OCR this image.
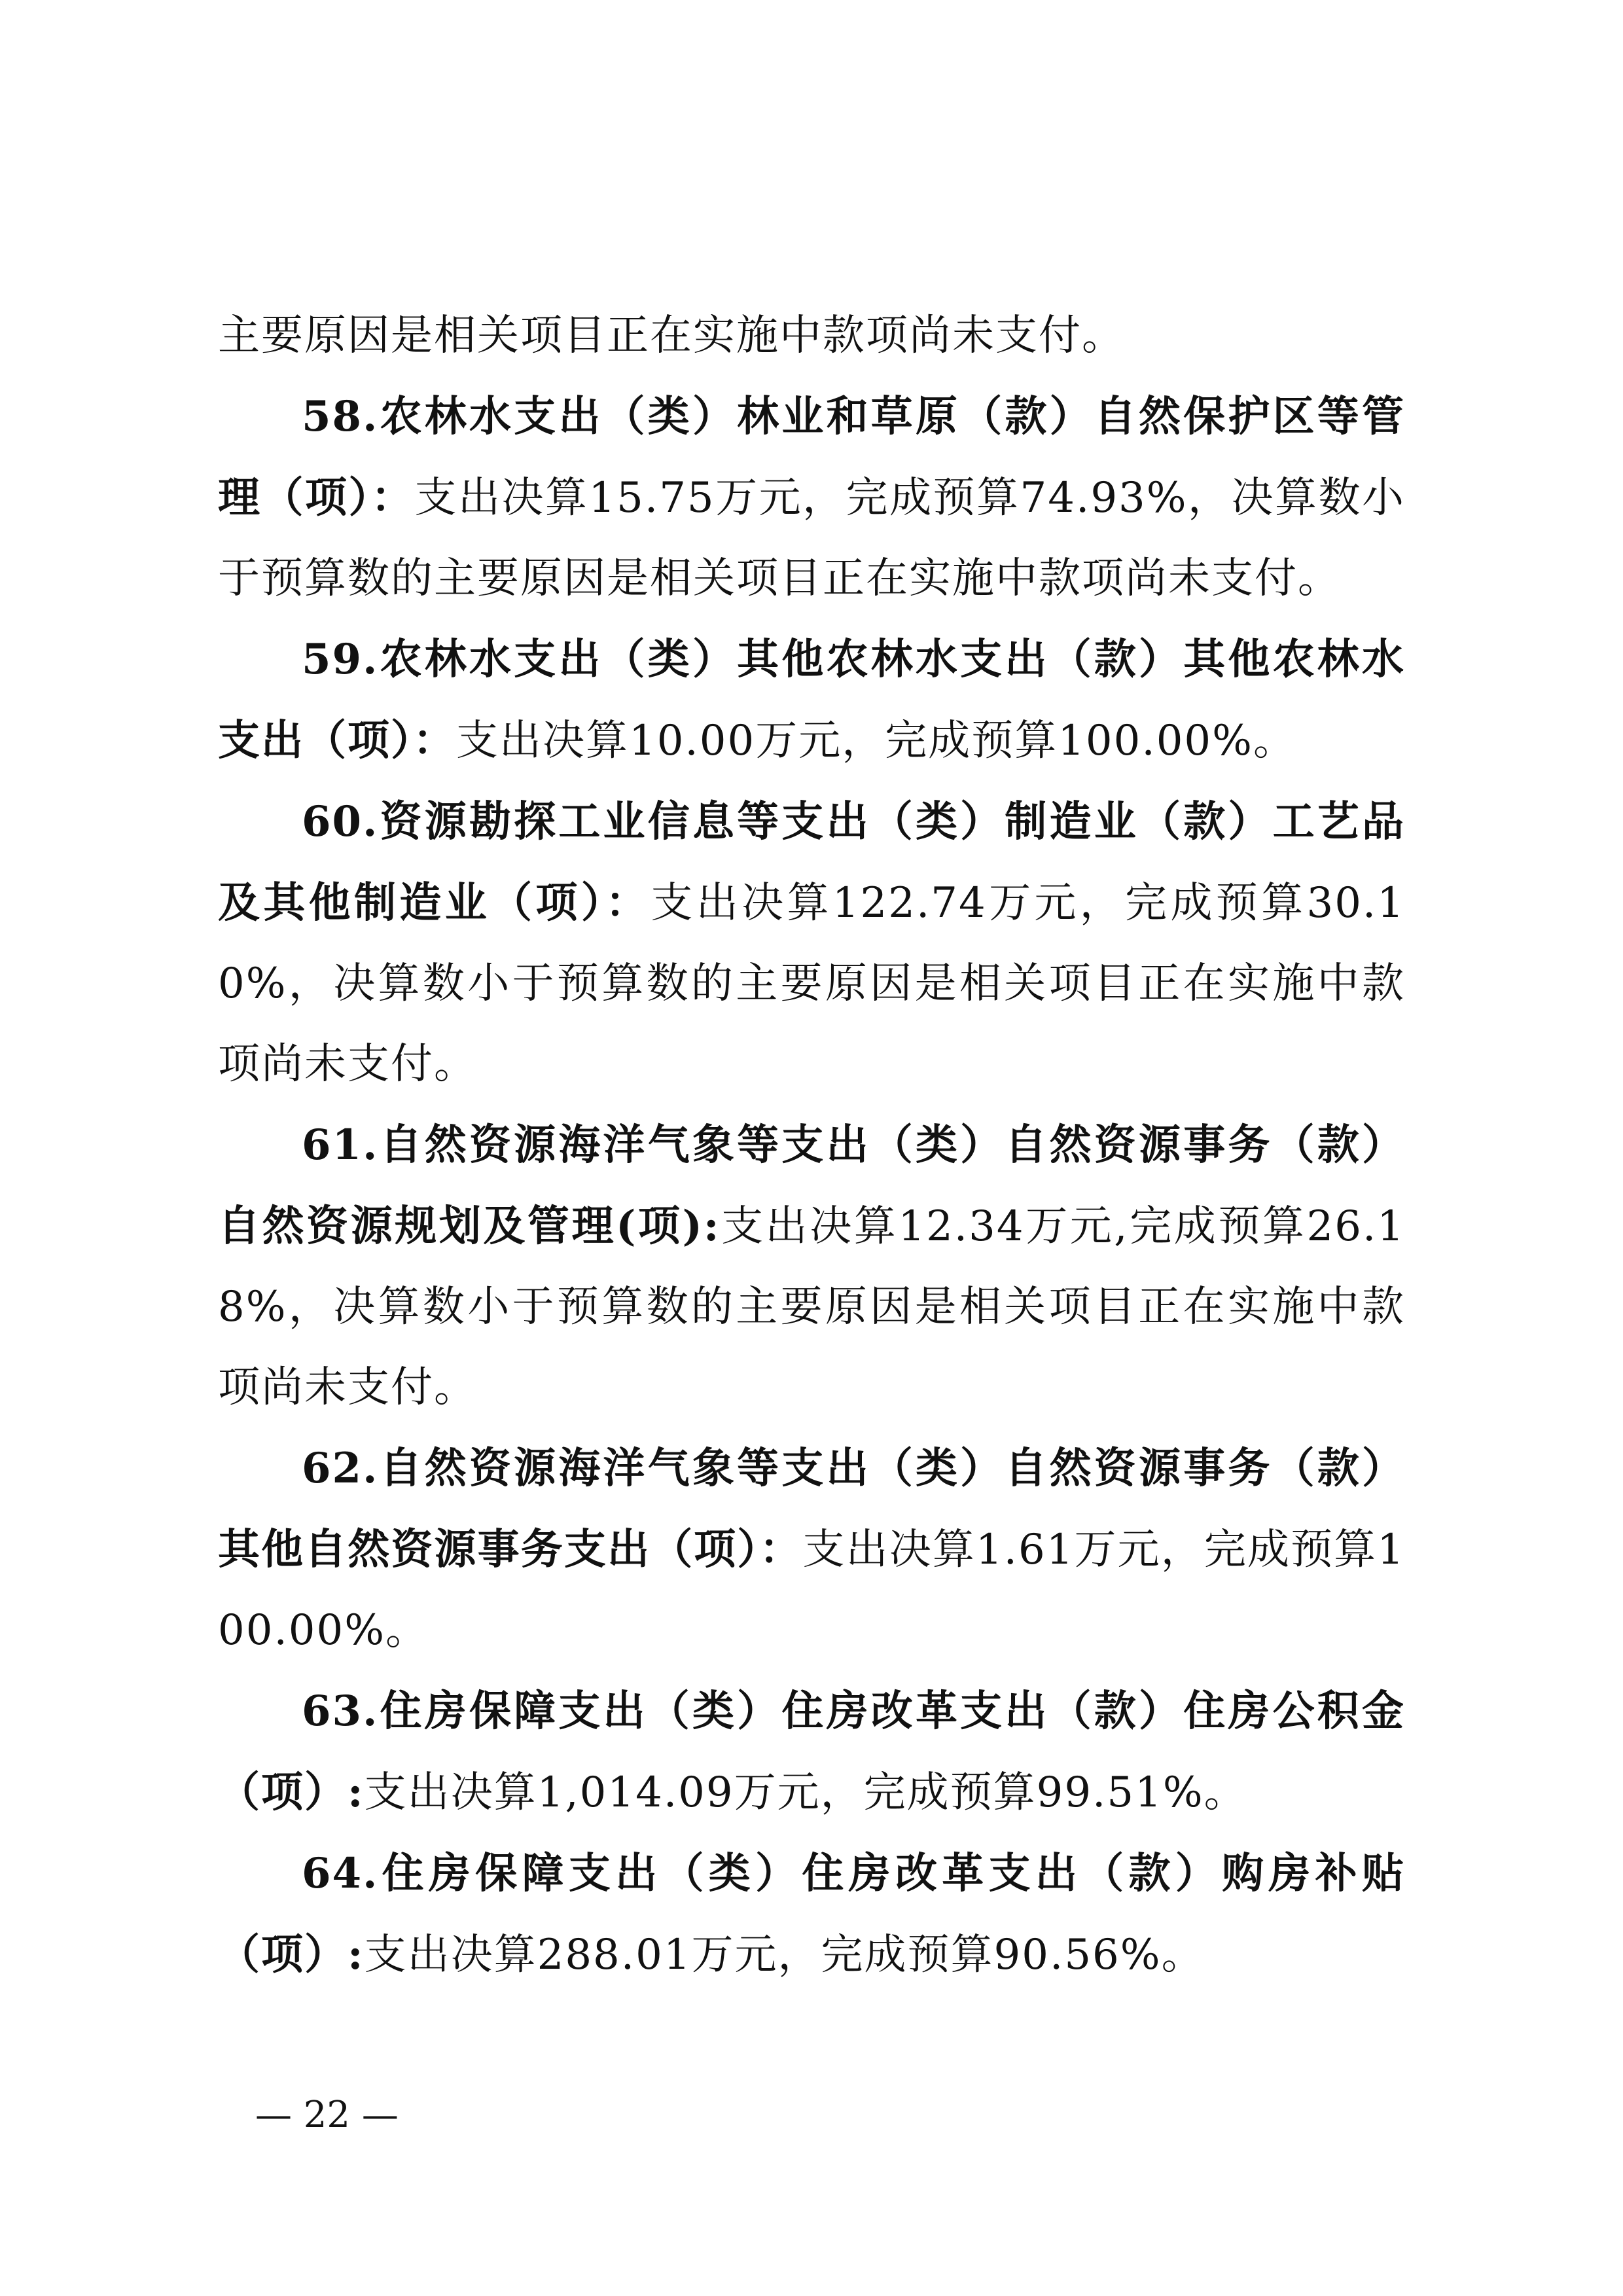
主要原因是相关项目正在实施中款项尚未支付。

58.农林水支出（类）林业和草原（款）自然保护区等管理（项）：支出决算15.75万元，完成预算74.93%，决算数小于预算数的主要原因是相关项目正在实施中款项尚未支付。

59.农林水支出（类）其他农林水支出（款）其他农林水支出（项）：支出决算10.00万元，完成预算100.00%。

60.资源勘探工业信息等支出（类）制造业（款）工艺品及其他制造业（项）：支出决算122.74万元，完成预算30.10%，决算数小于预算数的主要原因是相关项目正在实施中款项尚未支付。

61.自然资源海洋气象等支出（类）自然资源事务（款）自然资源规划及管理(项):支出决算12.34万元,完成预算26.18%，决算数小于预算数的主要原因是相关项目正在实施中款项尚未支付。

62.自然资源海洋气象等支出（类）自然资源事务（款）其他自然资源事务支出（项）：支出决算1.61万元，完成预算100.00%。

63.住房保障支出（类）住房改革支出（款）住房公积金（项）:支出决算1,014.09万元，完成预算99.51%。

64.住房保障支出（类）住房改革支出（款）购房补贴（项）:支出决算288.01万元，完成预算90.56%。

— 22 —
